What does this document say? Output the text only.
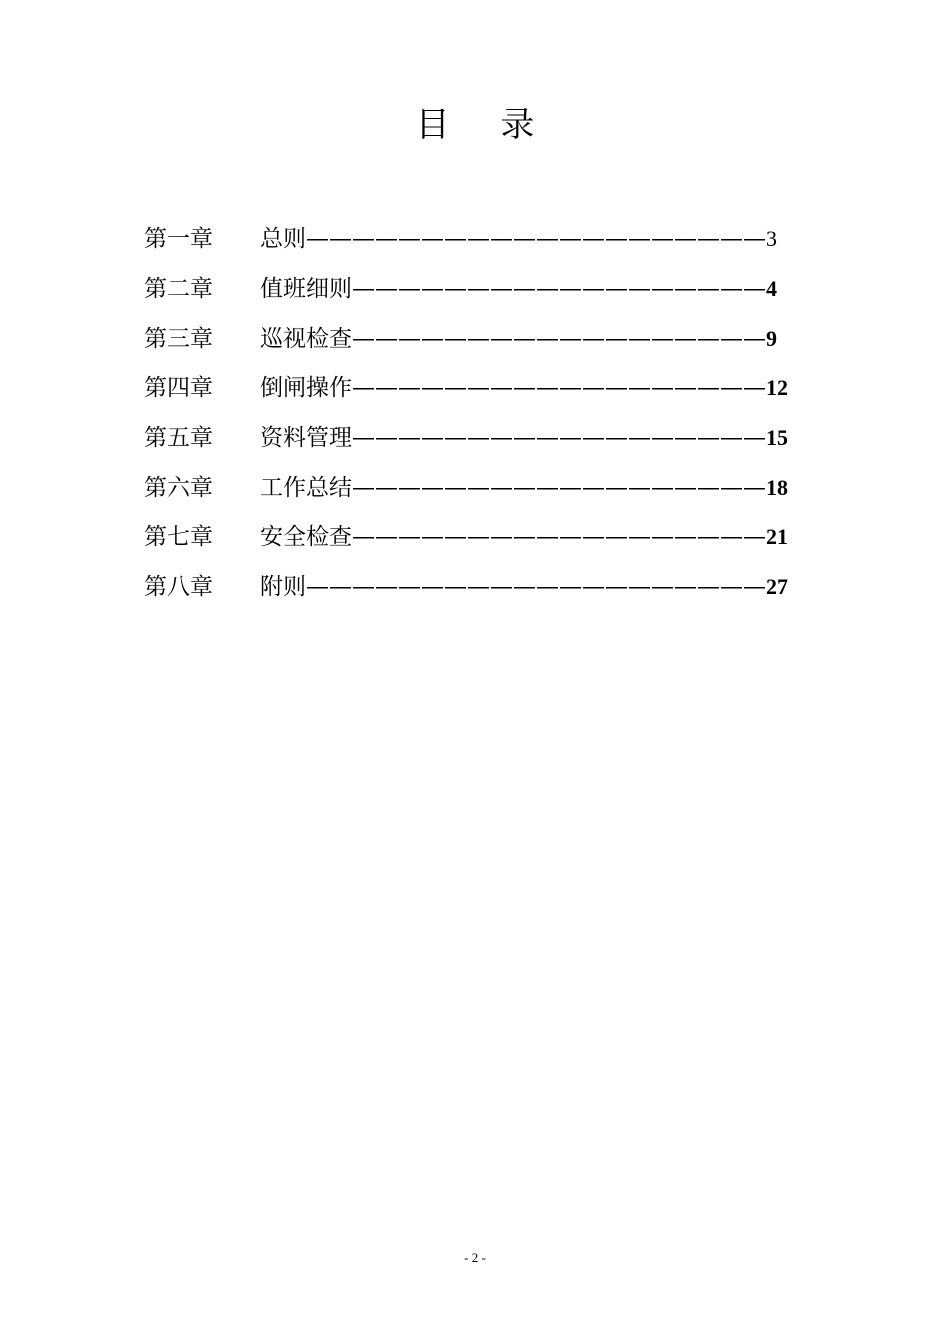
目 录
第一章	总则————————————————————3
第二章	值班细则——————————————————4
第三章	巡视检查——————————————————9
第四章	倒闸操作——————————————————12
第五章	资料管理——————————————————15
第六章	工作总结——————————————————18
第七章	安全检查——————————————————21
第八章	附则————————————————————27
- 2 -
